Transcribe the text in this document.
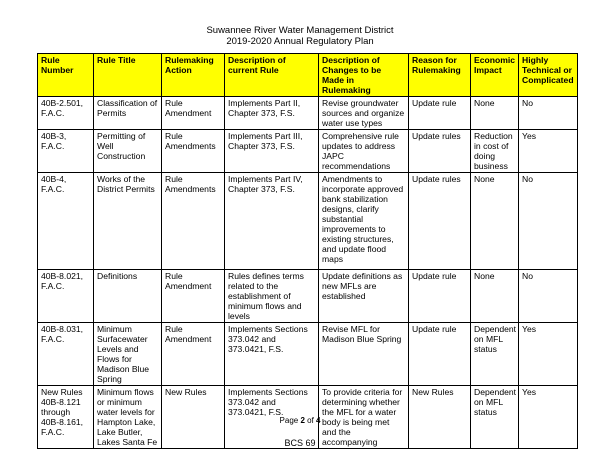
Suwannee River Water Management District
2019-2020 Annual Regulatory Plan
Rule Number	Rule Title	Rulemaking Action	Description of current Rule	Description of Changes to be Made in Rulemaking	Reason for Rulemaking	Economic Impact	Highly Technical or Complicated
40B-2.501, F.A.C.	Classification of Permits	Rule Amendment	Implements Part II, Chapter 373, F.S.	Revise groundwater sources and organize water use types	Update rule	None	No
40B-3, F.A.C.	Permitting of Well Construction	Rule Amendments	Implements Part III, Chapter 373, F.S.	Comprehensive rule updates to address JAPC recommendations	Update rules	Reduction in cost of doing business	Yes
40B-4, F.A.C.	Works of the District Permits	Rule Amendments	Implements Part IV, Chapter 373, F.S.	Amendments to incorporate approved bank stabilization designs, clarify substantial improvements to existing structures, and update flood maps	Update rules	None	No
40B-8.021, F.A.C.	Definitions	Rule Amendment	Rules defines terms related to the establishment of minimum flows and levels	Update definitions as new MFLs are established	Update rule	None	No
40B-8.031, F.A.C.	Minimum Surfacewater Levels and Flows for Madison Blue Spring	Rule Amendment	Implements Sections 373.042 and 373.0421, F.S.	Revise MFL for Madison Blue Spring	Update rule	Dependent on MFL status	Yes
New Rules 40B-8.121 through 40B-8.161, F.A.C.	Minimum flows or minimum water levels for Hampton Lake, Lake Butler, Lakes Santa Fe	New Rules	Implements Sections 373.042 and 373.0421, F.S.	To provide criteria for determining whether the MFL for a water body is being met and the accompanying	New Rules	Dependent on MFL status	Yes
Page 2 of 4
BCS 69
